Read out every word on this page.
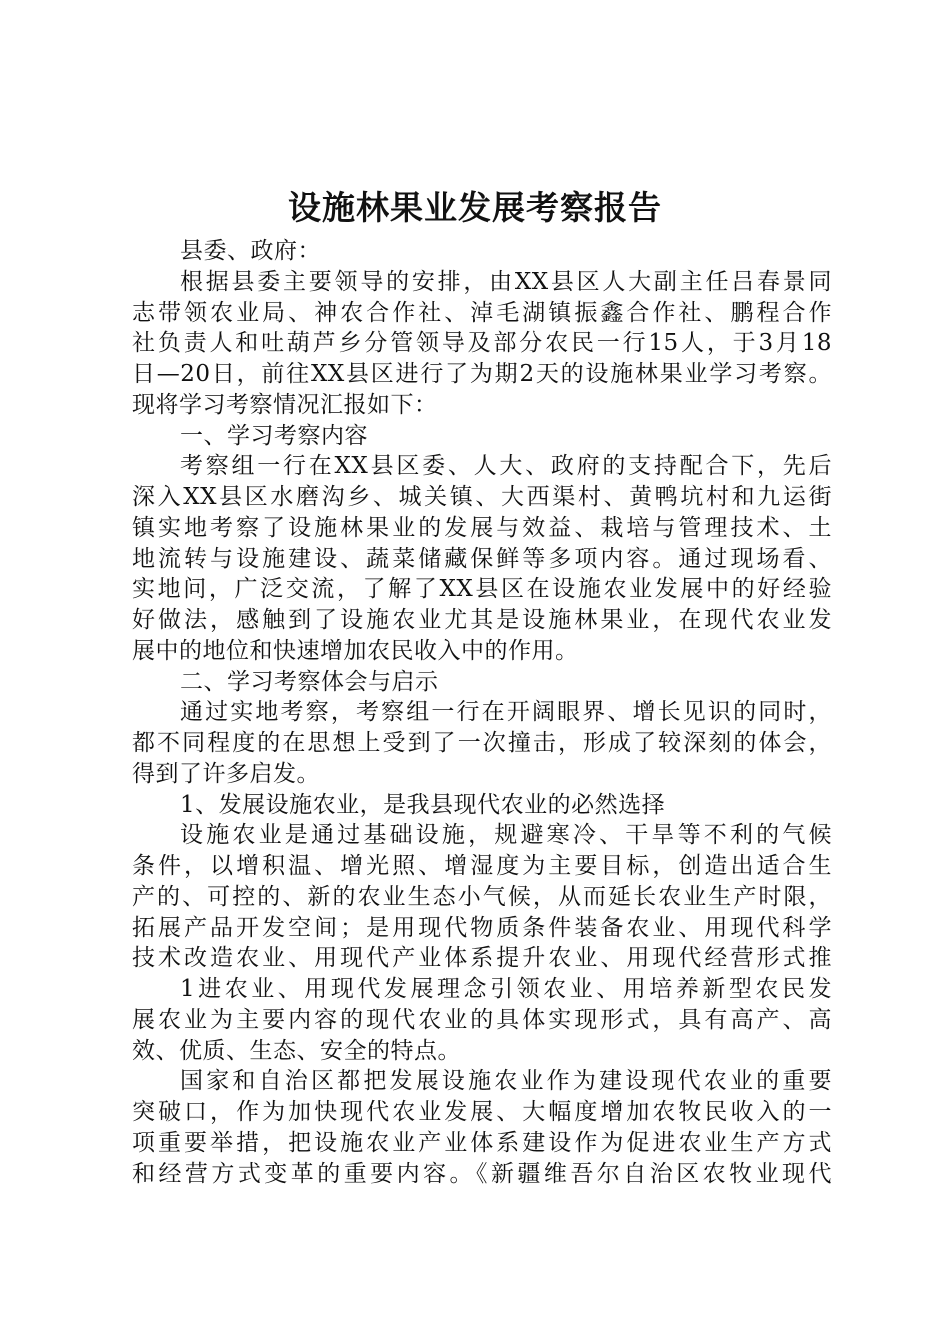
设施林果业发展考察报告
县委、政府：
根据县委主要领导的安排，由XX县区人大副主任吕春景同
志带领农业局、神农合作社、淖毛湖镇振鑫合作社、鹏程合作
社负责人和吐葫芦乡分管领导及部分农民一行15人，于3月18
日—20日，前往XX县区进行了为期2天的设施林果业学习考察。
现将学习考察情况汇报如下：
一、学习考察内容
考察组一行在XX县区委、人大、政府的支持配合下，先后
深入XX县区水磨沟乡、城关镇、大西渠村、黄鸭坑村和九运街
镇实地考察了设施林果业的发展与效益、栽培与管理技术、土
地流转与设施建设、蔬菜储藏保鲜等多项内容。通过现场看、
实地问，广泛交流，了解了XX县区在设施农业发展中的好经验
好做法，感触到了设施农业尤其是设施林果业，在现代农业发
展中的地位和快速增加农民收入中的作用。
二、学习考察体会与启示
通过实地考察，考察组一行在开阔眼界、增长见识的同时，
都不同程度的在思想上受到了一次撞击，形成了较深刻的体会，
得到了许多启发。
1、发展设施农业，是我县现代农业的必然选择
设施农业是通过基础设施，规避寒冷、干旱等不利的气候
条件，以增积温、增光照、增湿度为主要目标，创造出适合生
产的、可控的、新的农业生态小气候，从而延长农业生产时限，
拓展产品开发空间；是用现代物质条件装备农业、用现代科学
技术改造农业、用现代产业体系提升农业、用现代经营形式推
1进农业、用现代发展理念引领农业、用培养新型农民发
展农业为主要内容的现代农业的具体实现形式，具有高产、高
效、优质、生态、安全的特点。
国家和自治区都把发展设施农业作为建设现代农业的重要
突破口，作为加快现代农业发展、大幅度增加农牧民收入的一
项重要举措，把设施农业产业体系建设作为促进农业生产方式
和经营方式变革的重要内容。《新疆维吾尔自治区农牧业现代
